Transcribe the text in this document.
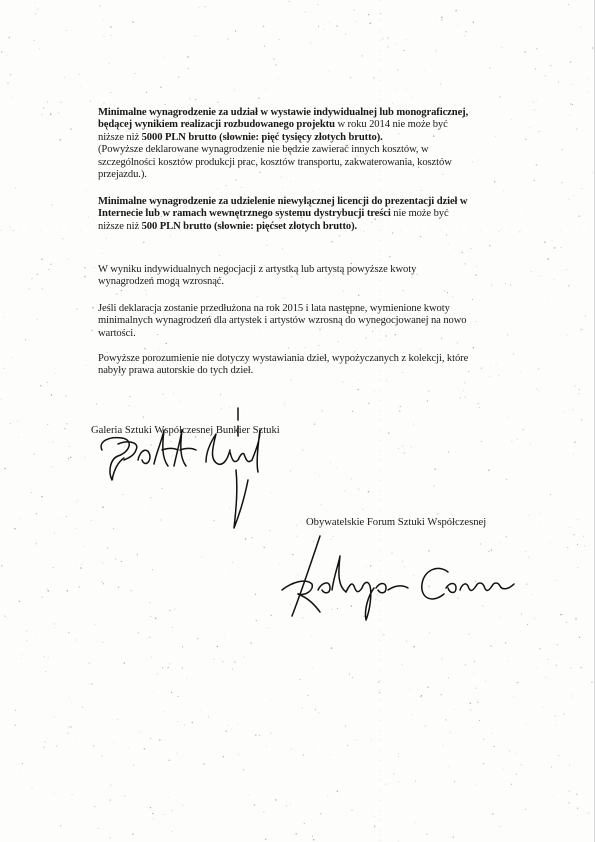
Minimalne wynagrodzenie za udział w wystawie indywidualnej lub monograficznej,
będącej wynikiem realizacji rozbudowanego projektu w roku 2014 nie może być
niższe niż 5000 PLN brutto (słownie: pięć tysięcy złotych brutto).
(Powyższe deklarowane wynagrodzenie nie będzie zawierać innych kosztów, w
szczególności kosztów produkcji prac, kosztów transportu, zakwaterowania, kosztów
przejazdu.).
Minimalne wynagrodzenie za udzielenie niewyłącznej licencji do prezentacji dzieł w
Internecie lub w ramach wewnętrznego systemu dystrybucji treści nie może być
niższe niż 500 PLN brutto (słownie: pięćset złotych brutto).
W wyniku indywidualnych negocjacji z artystką lub artystą powyższe kwoty
wynagrodzeń mogą wzrosnąć.
Jeśli deklaracja zostanie przedłużona na rok 2015 i lata następne, wymienione kwoty
minimalnych wynagrodzeń dla artystek i artystów wzrosną do wynegocjowanej na nowo
wartości.
Powyższe porozumienie nie dotyczy wystawiania dzieł, wypożyczanych z kolekcji, które
nabyły prawa autorskie do tych dzieł.
Galeria Sztuki Współczesnej Bunkier Sztuki
Obywatelskie Forum Sztuki Współczesnej
